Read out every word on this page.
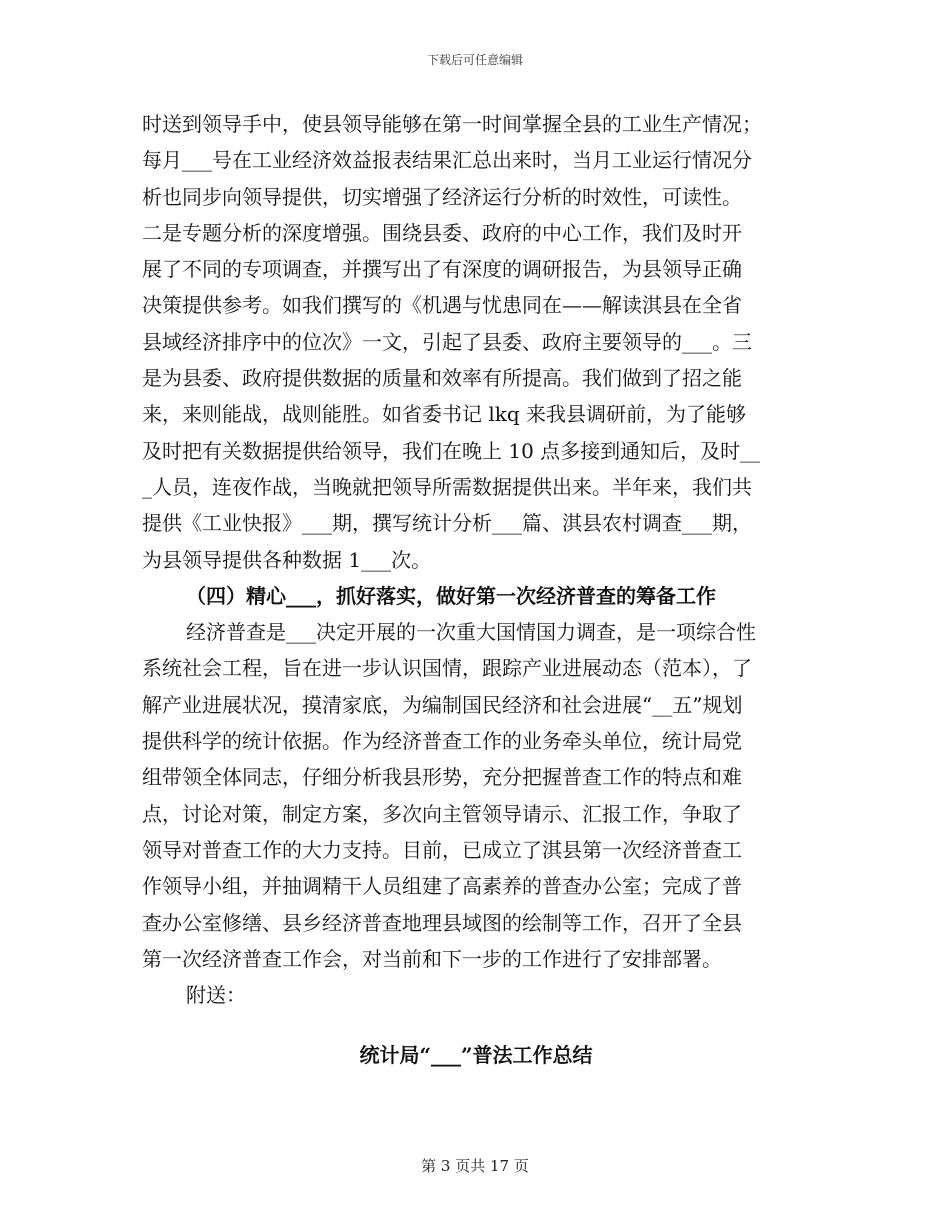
下载后可任意编辑
时送到领导手中，使县领导能够在第一时间掌握全县的工业生产情况；
每月___号在工业经济效益报表结果汇总出来时，当月工业运行情况分
析也同步向领导提供，切实增强了经济运行分析的时效性，可读性。
二是专题分析的深度增强。围绕县委、政府的中心工作，我们及时开
展了不同的专项调查，并撰写出了有深度的调研报告，为县领导正确
决策提供参考。如我们撰写的《机遇与忧患同在——解读淇县在全省
县域经济排序中的位次》一文，引起了县委、政府主要领导的___。三
是为县委、政府提供数据的质量和效率有所提高。我们做到了招之能
来，来则能战，战则能胜。如省委书记 lkq 来我县调研前，为了能够
及时把有关数据提供给领导，我们在晚上 10 点多接到通知后，及时__
_人员，连夜作战，当晚就把领导所需数据提供出来。半年来，我们共
提供《工业快报》___期，撰写统计分析___篇、淇县农村调查___期，
为县领导提供各种数据 1___次。
（四）精心___，抓好落实，做好第一次经济普查的筹备工作
经济普查是___决定开展的一次重大国情国力调查，是一项综合性
系统社会工程，旨在进一步认识国情，跟踪产业进展动态（范本），了
解产业进展状况，摸清家底，为编制国民经济和社会进展“__五”规划
提供科学的统计依据。作为经济普查工作的业务牵头单位，统计局党
组带领全体同志，仔细分析我县形势，充分把握普查工作的特点和难
点，讨论对策，制定方案，多次向主管领导请示、汇报工作，争取了
领导对普查工作的大力支持。目前，已成立了淇县第一次经济普查工
作领导小组，并抽调精干人员组建了高素养的普查办公室；完成了普
查办公室修缮、县乡经济普查地理县域图的绘制等工作，召开了全县
第一次经济普查工作会，对当前和下一步的工作进行了安排部署。
附送：
统计局“___”普法工作总结
第 3 页共 17 页
